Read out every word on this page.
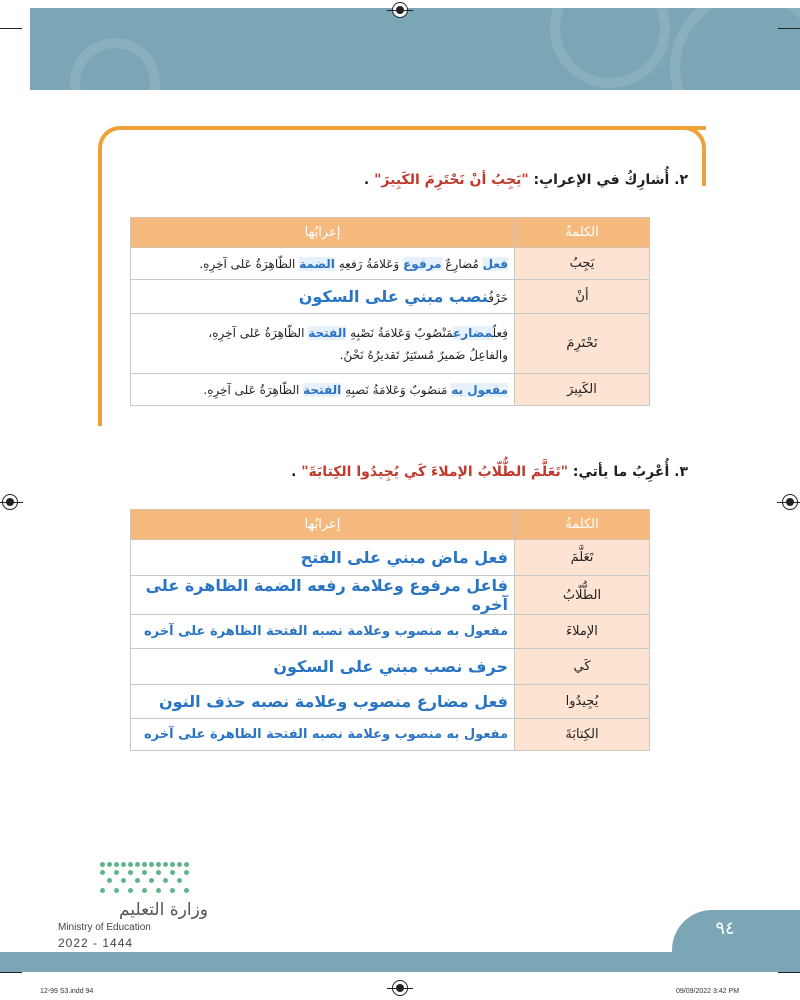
٢. أُشارِكُ في الإعرابِ: "يَجِبُ أنْ نَحْتَرِمَ الكَبِيرَ" .
الكلمةُ	إعرابُها
يَجِبُ	فعل مُضارِعٌ مرفوع وَعَلامَةُ رَفعِهِ الضمة الظّاهِرَةُ عَلى آخِرِهِ.
أنْ	حَرْفُنصب مبني على السكون
نَحْتَرِمَ	فِعلٌمضارعمَنْصُوبٌ وَعَلامَةُ نَصْبِهِ الفتحة الظّاهِرَةُ عَلى آخِرِهِ،
والفاعِلُ ضَميرٌ مُستَتِرٌ تَقديرُهُ نَحْنُ.

الكَبِيرَ	مفعول به مَنصُوبٌ وَعَلامَةُ نَصبِهِ الفتحة الظّاهِرَةُ عَلى آخِرِهِ.
٣. أُعْرِبُ ما يأتي: "تَعَلَّمَ الطُّلّابُ الإملاءَ كَي يُجِيدُوا الكِتابَةَ" .
الكلمةُ	إعرابُها
تَعَلَّمَ	فعل ماض مبني على الفتح
الطُّلّابُ	فاعل مرفوع وعلامة رفعه الضمة الظاهرة على آخره
الإملاءَ	مفعول به منصوب وعلامة نصبه الفتحة الظاهرة على آخره
كَي	حرف نصب مبني على السكون
يُجِيدُوا	فعل مضارع منصوب وعلامة نصبه حذف النون
الكِتابَةَ	مفعول به منصوب وعلامة نصبه الفتحة الظاهرة على آخره
وزارة التعليم
Ministry of Education
2022 - 1444
٩٤
12-99 S3.indd 94	09/09/2022 3:42 PM
